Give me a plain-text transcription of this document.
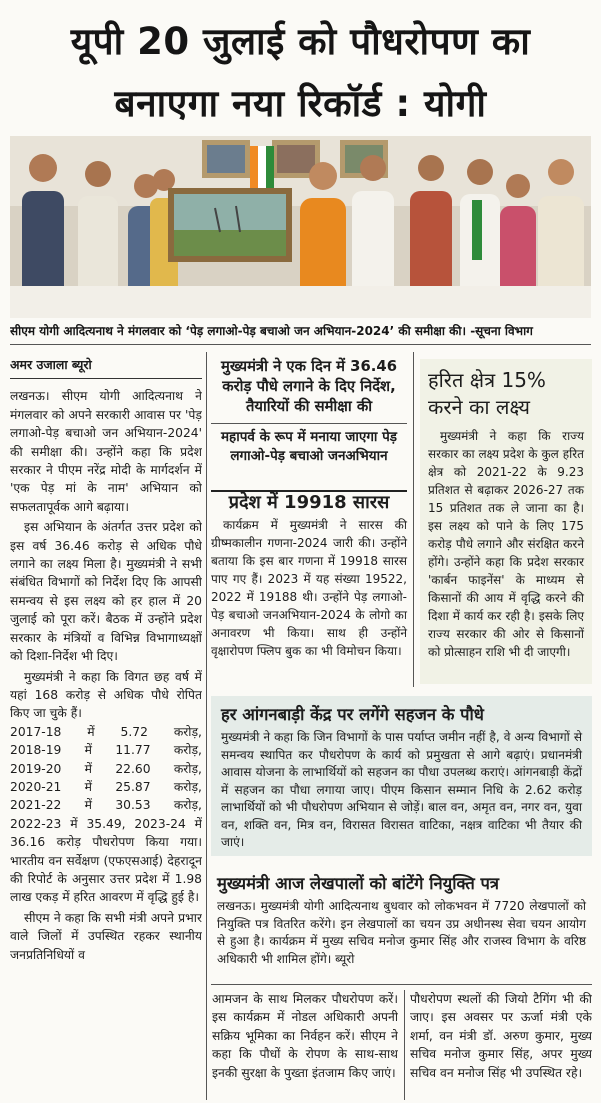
यूपी 20 जुलाई को पौधरोपण का
बनाएगा नया रिकॉर्ड : योगी
सीएम योगी आदित्यनाथ ने मंगलवार को ‘पेड़ लगाओ-पेड़ बचाओ जन अभियान-2024’ की समीक्षा की। -सूचना विभाग
अमर उजाला ब्यूरो

लखनऊ। सीएम योगी आदित्यनाथ ने मंगलवार को अपने सरकारी आवास पर 'पेड़ लगाओ-पेड़ बचाओ जन अभियान-2024' की समीक्षा की। उन्होंने कहा कि प्रदेश सरकार ने पीएम नरेंद्र मोदी के मार्गदर्शन में 'एक पेड़ मां के नाम' अभियान को सफलतापूर्वक आगे बढ़ाया।

इस अभियान के अंतर्गत उत्तर प्रदेश को इस वर्ष 36.46 करोड़ से अधिक पौधे लगाने का लक्ष्य मिला है। मुख्यमंत्री ने सभी संबंधित विभागों को निर्देश दिए कि आपसी समन्वय से इस लक्ष्य को हर हाल में 20 जुलाई को पूरा करें। बैठक में उन्होंने प्रदेश सरकार के मंत्रियों व विभिन्न विभागाध्यक्षों को दिशा-निर्देश भी दिए।

मुख्यमंत्री ने कहा कि विगत छह वर्ष में यहां 168 करोड़ से अधिक पौधे रोपित किए जा चुके हैं।

2017-18 में 5.72 करोड़,
2018-19 में 11.77 करोड़,
2019-20 में 22.60 करोड़,
2020-21 में 25.87 करोड़,
2021-22 में 30.53 करोड़,

2022-23 में 35.49, 2023-24 में 36.16 करोड़ पौधरोपण किया गया। भारतीय वन सर्वेक्षण (एफएसआई) देहरादून की रिपोर्ट के अनुसार उत्तर प्रदेश में 1.98 लाख एकड़ में हरित आवरण में वृद्धि हुई है।

सीएम ने कहा कि सभी मंत्री अपने प्रभार वाले जिलों में उपस्थित रहकर स्थानीय जनप्रतिनिधियों व

मुख्यमंत्री ने एक दिन में 36.46 करोड़ पौधे लगाने के दिए निर्देश, तैयारियों की समीक्षा की
महापर्व के रूप में मनाया जाएगा पेड़ लगाओ-पेड़ बचाओ जनअभियान
प्रदेश में 19918 सारस

कार्यक्रम में मुख्यमंत्री ने सारस की ग्रीष्मकालीन गणना-2024 जारी की। उन्होंने बताया कि इस बार गणना में 19918 सारस पाए गए हैं। 2023 में यह संख्या 19522, 2022 में 19188 थी। उन्होंने पेड़ लगाओ-पेड़ बचाओ जनअभियान-2024 के लोगो का अनावरण भी किया। साथ ही उन्होंने वृक्षारोपण फ्लिप बुक का भी विमोचन किया।

हरित क्षेत्र 15% करने का लक्ष्य

मुख्यमंत्री ने कहा कि राज्य सरकार का लक्ष्य प्रदेश के कुल हरित क्षेत्र को 2021-22 के 9.23 प्रतिशत से बढ़ाकर 2026-27 तक 15 प्रतिशत तक ले जाना का है। इस लक्ष्य को पाने के लिए 175 करोड़ पौधे लगाने और संरक्षित करने होंगे। उन्होंने कहा कि प्रदेश सरकार 'कार्बन फाइनेंस' के माध्यम से किसानों की आय में वृद्धि करने की दिशा में कार्य कर रही है। इसके लिए राज्य सरकार की ओर से किसानों को प्रोत्साहन राशि भी दी जाएगी।

हर आंगनबाड़ी केंद्र पर लगेंगे सहजन के पौधे

मुख्यमंत्री ने कहा कि जिन विभागों के पास पर्याप्त जमीन नहीं है, वे अन्य विभागों से समन्वय स्थापित कर पौधरोपण के कार्य को प्रमुखता से आगे बढ़ाएं। प्रधानमंत्री आवास योजना के लाभार्थियों को सहजन का पौधा उपलब्ध कराएं। आंगनबाड़ी केंद्रों में सहजन का पौधा लगाया जाए। पीएम किसान सम्मान निधि के 2.62 करोड़ लाभार्थियों को भी पौधरोपण अभियान से जोड़ें। बाल वन, अमृत वन, नगर वन, युवा वन, शक्ति वन, मित्र वन, विरासत विरासत वाटिका, नक्षत्र वाटिका भी तैयार की जाएं।

मुख्यमंत्री आज लेखपालों को बांटेंगे नियुक्ति पत्र

लखनऊ। मुख्यमंत्री योगी आदित्यनाथ बुधवार को लोकभवन में 7720 लेखपालों को नियुक्ति पत्र वितरित करेंगे। इन लेखपालों का चयन उप्र अधीनस्थ सेवा चयन आयोग से हुआ है। कार्यक्रम में मुख्य सचिव मनोज कुमार सिंह और राजस्व विभाग के वरिष्ठ अधिकारी भी शामिल होंगे। ब्यूरो

आमजन के साथ मिलकर पौधरोपण करें। इस कार्यक्रम में नोडल अधिकारी अपनी सक्रिय भूमिका का निर्वहन करें। सीएम ने कहा कि पौधों के रोपण के साथ-साथ इनकी सुरक्षा के पुख्ता इंतजाम किए जाएं।

पौधरोपण स्थलों की जियो टैगिंग भी की जाए। इस अवसर पर ऊर्जा मंत्री एके शर्मा, वन मंत्री डॉ. अरुण कुमार, मुख्य सचिव मनोज कुमार सिंह, अपर मुख्य सचिव वन मनोज सिंह भी उपस्थित रहे।
